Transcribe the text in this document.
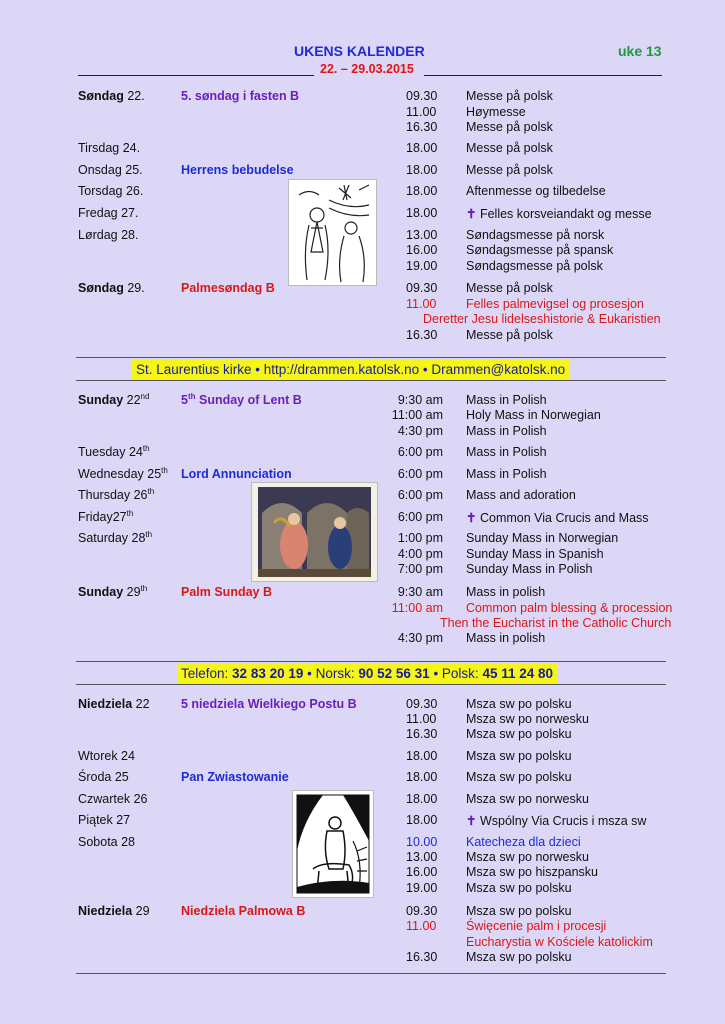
UKENS KALENDER	uke 13
22. – 29.03.2015
Søndag 22.	5. søndag i fasten B	09.30 Messe på polsk
11.00 Høymesse
16.30 Messe på polsk
Tirsdag 24.	18.00 Messe på polsk
Onsdag 25.	Herrens bebudelse	18.00 Messe på polsk
Torsdag 26.	18.00 Aftenmesse og tilbedelse
Fredag 27.	18.00 ✝ Felles korsveiandakt og messe
Lørdag 28.	13.00 Søndagsmesse på norsk
16.00 Søndagsmesse på spansk
19.00 Søndagsmesse på polsk
Søndag 29.	Palmesøndag B	09.30 Messe på polsk
11.00 Felles palmevigsel og prosesjon
Deretter Jesu lidelseshistorie & Eukaristien
16.30 Messe på polsk
St. Laurentius kirke • http://drammen.katolsk.no • Drammen@katolsk.no
Sunday 22nd	5th Sunday of Lent B	9:30 am Mass in Polish
11:00 am Holy Mass in Norwegian
4:30 pm Mass in Polish
Tuesday 24th	6:00 pm Mass in Polish
Wednesday 25th Lord Annunciation	6:00 pm Mass in Polish
Thursday 26th	6:00 pm Mass and adoration
Friday27th	6:00 pm ✝ Common Via Crucis and Mass
Saturday 28th	1:00 pm Sunday Mass in Norwegian
4:00 pm Sunday Mass in Spanish
7:00 pm Sunday Mass in Polish
Sunday 29th	Palm Sunday B	9:30 am Mass in polish
11:00 am Common palm blessing & procession
Then the Eucharist in the Catholic Church
4:30 pm Mass in polish
Telefon: 32 83 20 19 • Norsk: 90 52 56 31 • Polsk: 45 11 24 80
Niedziela 22	5 niedziela Wielkiego Postu B	09.30 Msza sw po polsku
11.00 Msza sw po norwesku
16.30 Msza sw po polsku
Wtorek 24	18.00 Msza sw po polsku
Środa 25	Pan Zwiastowanie	18.00 Msza sw po polsku
Czwartek 26	18.00 Msza sw po norwesku
Piątek 27	18.00 ✝ Wspólny Via Crucis i msza sw
Sobota 28	10.00 Katecheza dla dzieci
13.00 Msza sw po norwesku
16.00 Msza sw po hiszpansku
19.00 Msza sw po polsku
Niedziela 29	Niedziela Palmowa B	09.30 Msza sw po polsku
11.00 Święcenie palm i procesji
Eucharystia w Kościele katolickim
16.30 Msza sw po polsku
